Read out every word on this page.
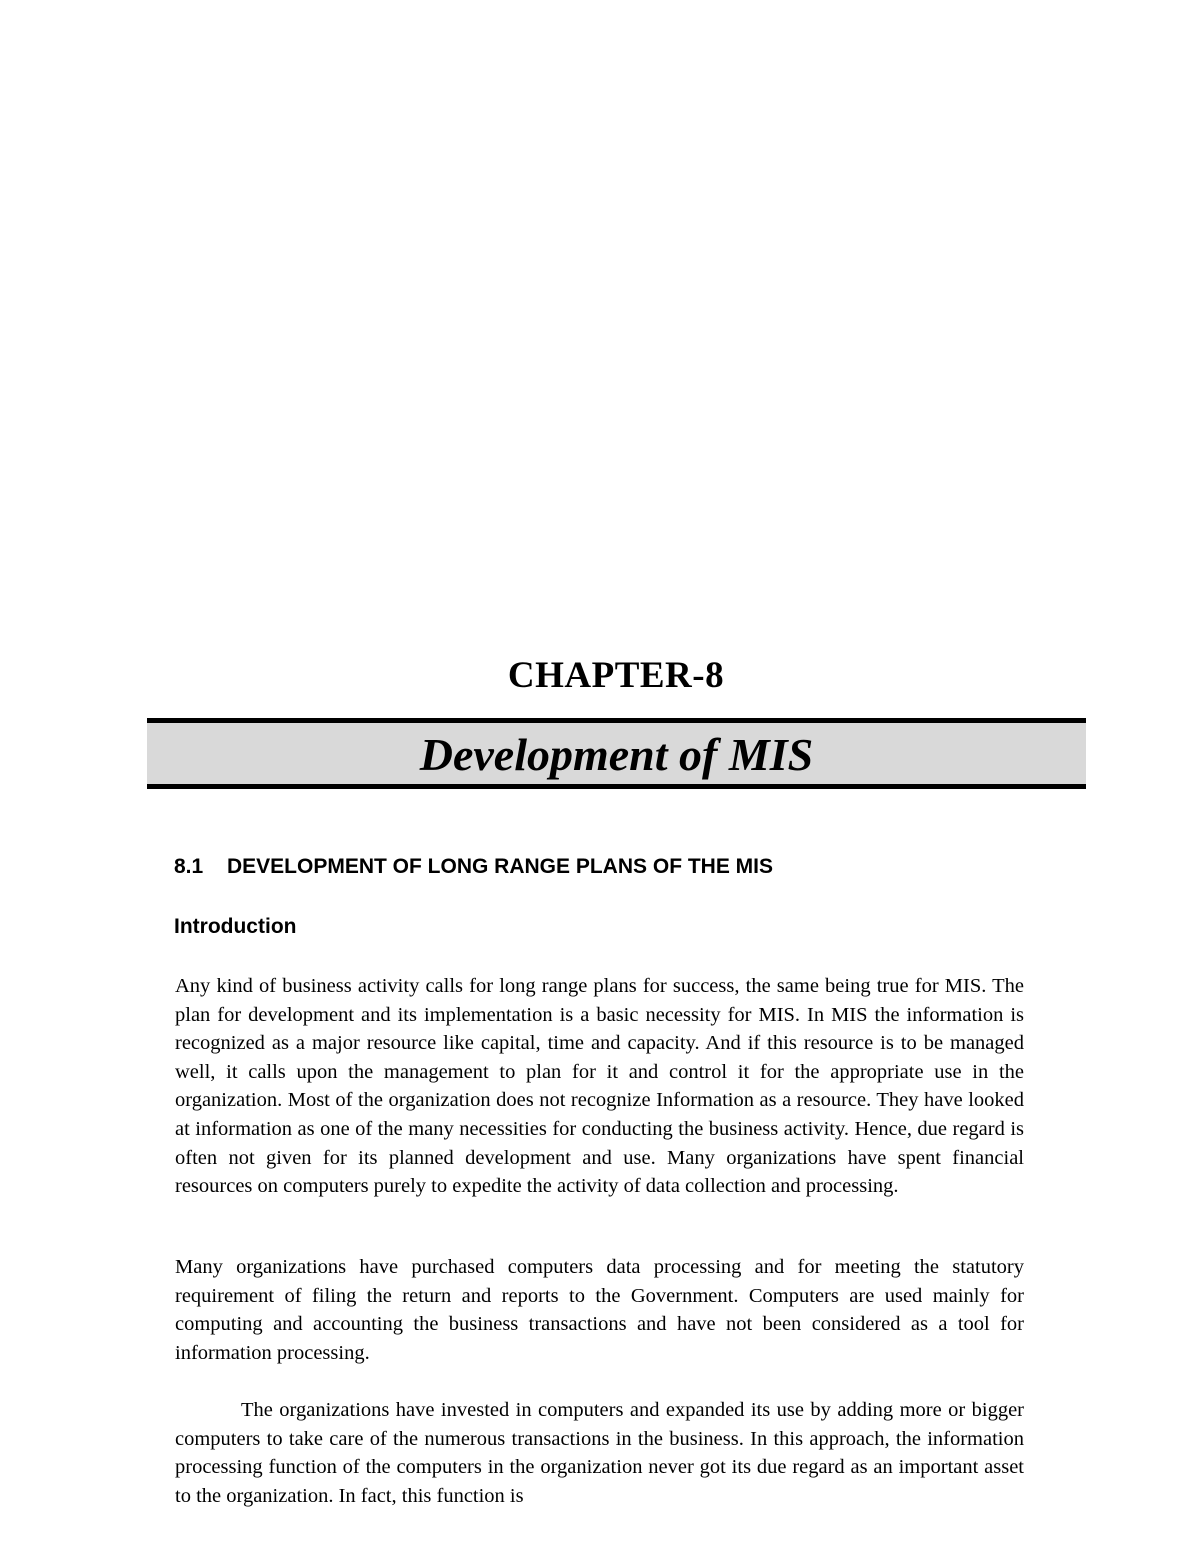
CHAPTER-8
Development of MIS
8.1 DEVELOPMENT OF LONG RANGE PLANS OF THE MIS
Introduction

Any kind of business activity calls for long range plans for success, the same being true for MIS. The plan for development and its implementation is a basic necessity for MIS. In MIS the information is recognized as a major resource like capital, time and capacity. And if this resource is to be managed well, it calls upon the management to plan for it and control it for the appropriate use in the organization. Most of the organization does not recognize Information as a resource. They have looked at information as one of the many necessities for conducting the business activity. Hence, due regard is often not given for its planned development and use. Many organizations have spent financial resources on computers purely to expedite the activity of data collection and processing.

Many organizations have purchased computers data processing and for meeting the statutory requirement of filing the return and reports to the Government. Computers are used mainly for computing and accounting the business transactions and have not been considered as a tool for information processing.

The organizations have invested in computers and expanded its use by adding more or bigger computers to take care of the numerous transactions in the business. In this approach, the information processing function of the computers in the organization never got its due regard as an important asset to the organization. In fact, this function is
